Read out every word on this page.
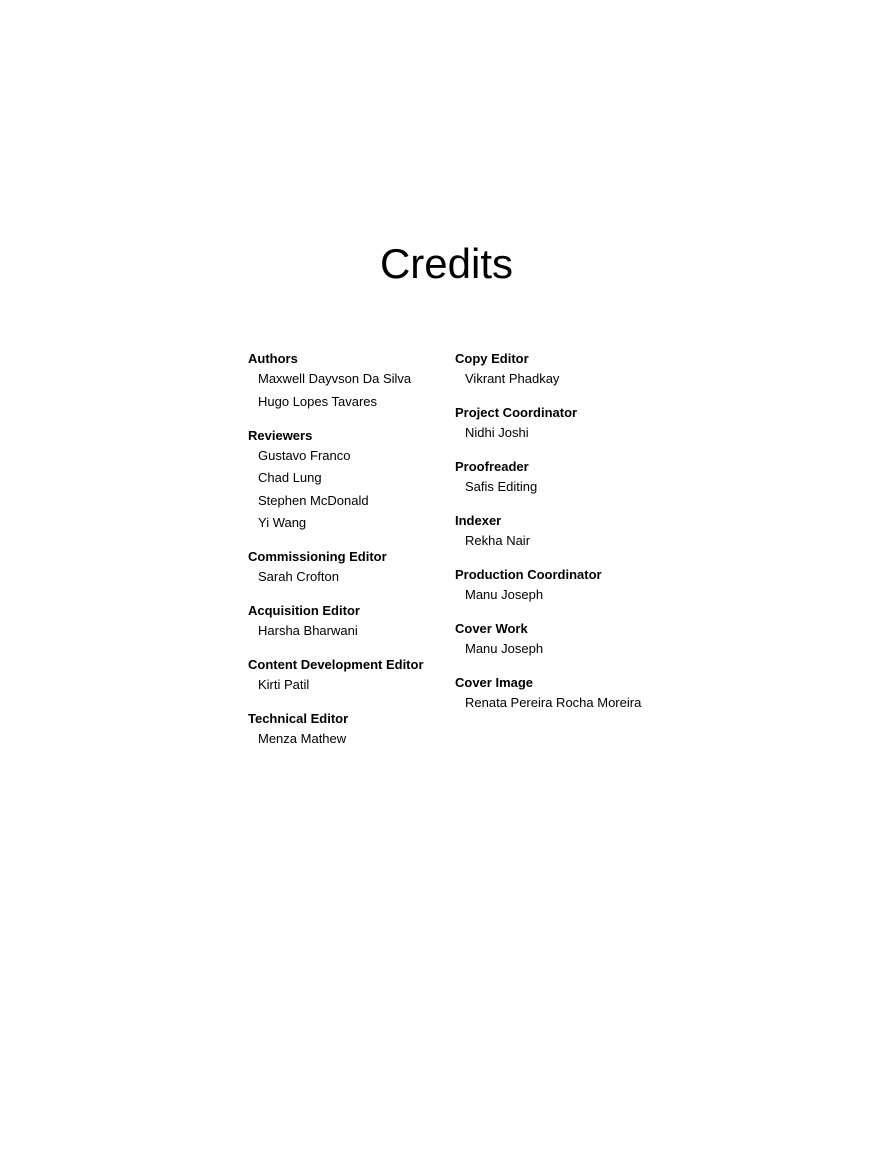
Credits
Authors
Maxwell Dayvson Da Silva
Hugo Lopes Tavares
Reviewers
Gustavo Franco
Chad Lung
Stephen McDonald
Yi Wang
Commissioning Editor
Sarah Crofton
Acquisition Editor
Harsha Bharwani
Content Development Editor
Kirti Patil
Technical Editor
Menza Mathew
Copy Editor
Vikrant Phadkay
Project Coordinator
Nidhi Joshi
Proofreader
Safis Editing
Indexer
Rekha Nair
Production Coordinator
Manu Joseph
Cover Work
Manu Joseph
Cover Image
Renata Pereira Rocha Moreira
